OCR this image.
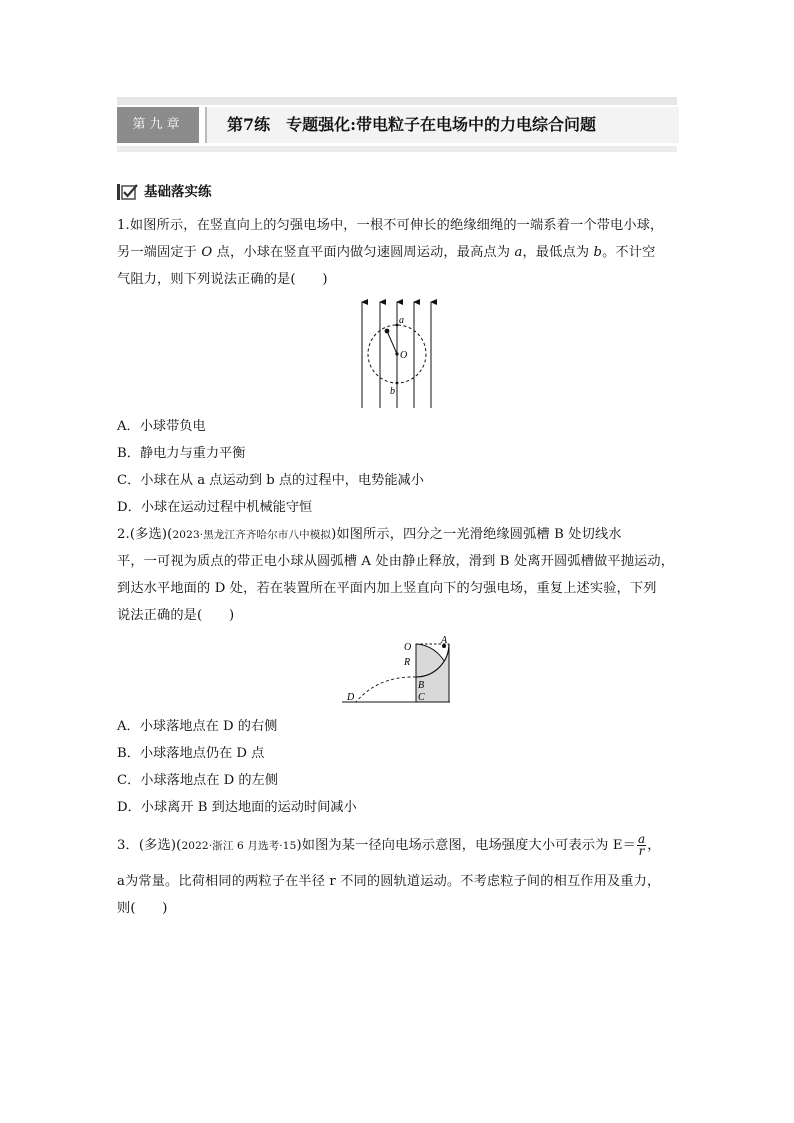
第九章	第7练　专题强化:带电粒子在电场中的力电综合问题
基础落实练
1.如图所示，在竖直向上的匀强电场中，一根不可伸长的绝缘细绳的一端系着一个带电小球，
另一端固定于 O 点，小球在竖直平面内做匀速圆周运动，最高点为 a，最低点为 b。不计空
气阻力，则下列说法正确的是(　　)
a
O
b
A．小球带负电
B．静电力与重力平衡
C．小球在从 a 点运动到 b 点的过程中，电势能减小
D．小球在运动过程中机械能守恒
2.(多选)(2023·黑龙江齐齐哈尔市八中模拟)如图所示，四分之一光滑绝缘圆弧槽 B 处切线水
平，一可视为质点的带正电小球从圆弧槽 A 处由静止释放，滑到 B 处离开圆弧槽做平抛运动，
到达水平地面的 D 处，若在装置所在平面内加上竖直向下的匀强电场，重复上述实验，下列
说法正确的是(　　)
O
A
R
B
C
D
A．小球落地点在 D 的右侧
B．小球落地点仍在 D 点
C．小球落地点在 D 的左侧
D．小球离开 B 到达地面的运动时间减小
3．(多选)(2022·浙江 6 月选考·15)如图为某一径向电场示意图，电场强度大小可表示为 $E= \frac{a}{r}$ ，
a为常量。比荷相同的两粒子在半径 r 不同的圆轨道运动。不考虑粒子间的相互作用及重力，
则(　　)
